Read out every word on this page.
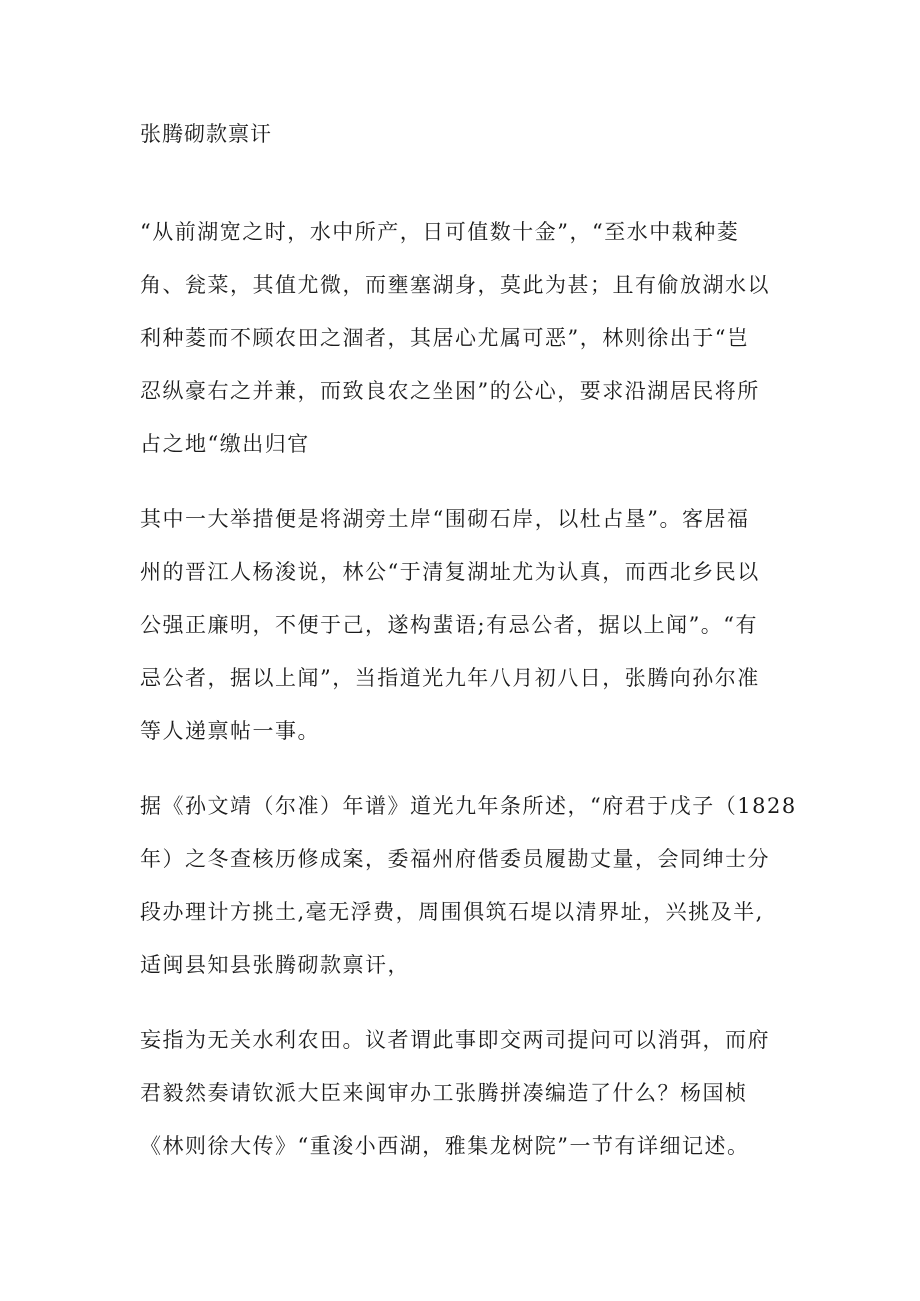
张腾砌款禀讦
“从前湖宽之时，水中所产，日可值数十金”，“至水中栽种菱
角、瓮菜，其值尤微，而壅塞湖身，莫此为甚；且有偷放湖水以
利种菱而不顾农田之涸者，其居心尤属可恶”，林则徐出于“岂
忍纵豪右之并兼，而致良农之坐困”的公心，要求沿湖居民将所
占之地“缴出归官
其中一大举措便是将湖旁土岸“围砌石岸，以杜占垦”。客居福
州的晋江人杨浚说，林公“于清复湖址尤为认真，而西北乡民以
公强正廉明，不便于己，遂构蜚语;有忌公者，据以上闻”。“有
忌公者，据以上闻”，当指道光九年八月初八日，张腾向孙尔准
等人递禀帖一事。
据《孙文靖（尔准）年谱》道光九年条所述，“府君于戊子（1828
年）之冬查核历修成案，委福州府偕委员履勘丈量，会同绅士分
段办理计方挑土,毫无浮费，周围俱筑石堤以清界址，兴挑及半,
适闽县知县张腾砌款禀讦，
妄指为无关水利农田。议者谓此事即交两司提问可以消弭，而府
君毅然奏请钦派大臣来闽审办工张腾拼凑编造了什么？杨国桢
《林则徐大传》“重浚小西湖，雅集龙树院”一节有详细记述。
